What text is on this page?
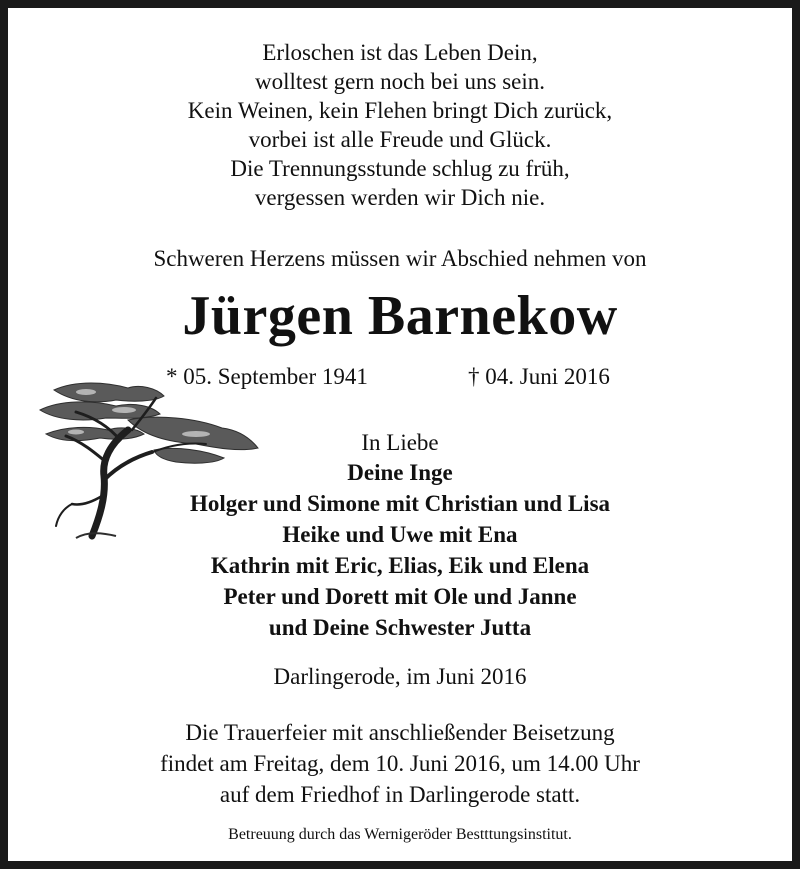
Erloschen ist das Leben Dein,
wolltest gern noch bei uns sein.
Kein Weinen, kein Flehen bringt Dich zurück,
vorbei ist alle Freude und Glück.
Die Trennungsstunde schlug zu früh,
vergessen werden wir Dich nie.
Schweren Herzens müssen wir Abschied nehmen von
Jürgen Barnekow
* 05. September 1941	† 04. Juni 2016
In Liebe
Deine Inge
Holger und Simone mit Christian und Lisa
Heike und Uwe mit Ena
Kathrin mit Eric, Elias, Eik und Elena
Peter und Dorett mit Ole und Janne
und Deine Schwester Jutta
Darlingerode, im Juni 2016
Die Trauerfeier mit anschließender Beisetzung
findet am Freitag, dem 10. Juni 2016, um 14.00 Uhr
auf dem Friedhof in Darlingerode statt.
Betreuung durch das Wernigeröder Bestttungsinstitut.
